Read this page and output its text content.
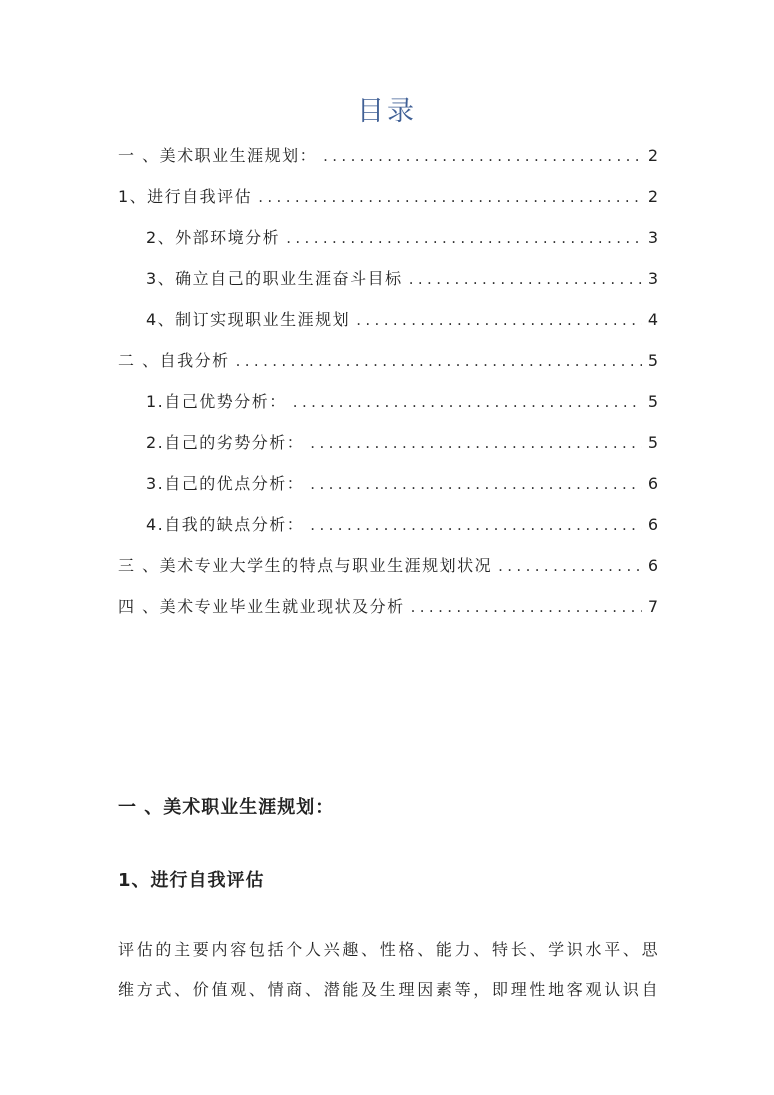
目录
一 、美术职业生涯规划： .....	2
1、进行自我评估 .....	2
2、外部环境分析 .....	3
3、确立自己的职业生涯奋斗目标 .....	3
4、制订实现职业生涯规划 .....	4
二 、自我分析 .....	5
1.自己优势分析： .....	5
2.自己的劣势分析： .....	5
3.自己的优点分析： .....	6
4.自我的缺点分析： .....	6
三 、美术专业大学生的特点与职业生涯规划状况 .....	6
四 、美术专业毕业生就业现状及分析 .....	7
一 、美术职业生涯规划：
1、进行自我评估

评估的主要内容包括个人兴趣、性格、能力、特长、学识水平、思
维方式、价值观、情商、潜能及生理因素等，即理性地客观认识自
